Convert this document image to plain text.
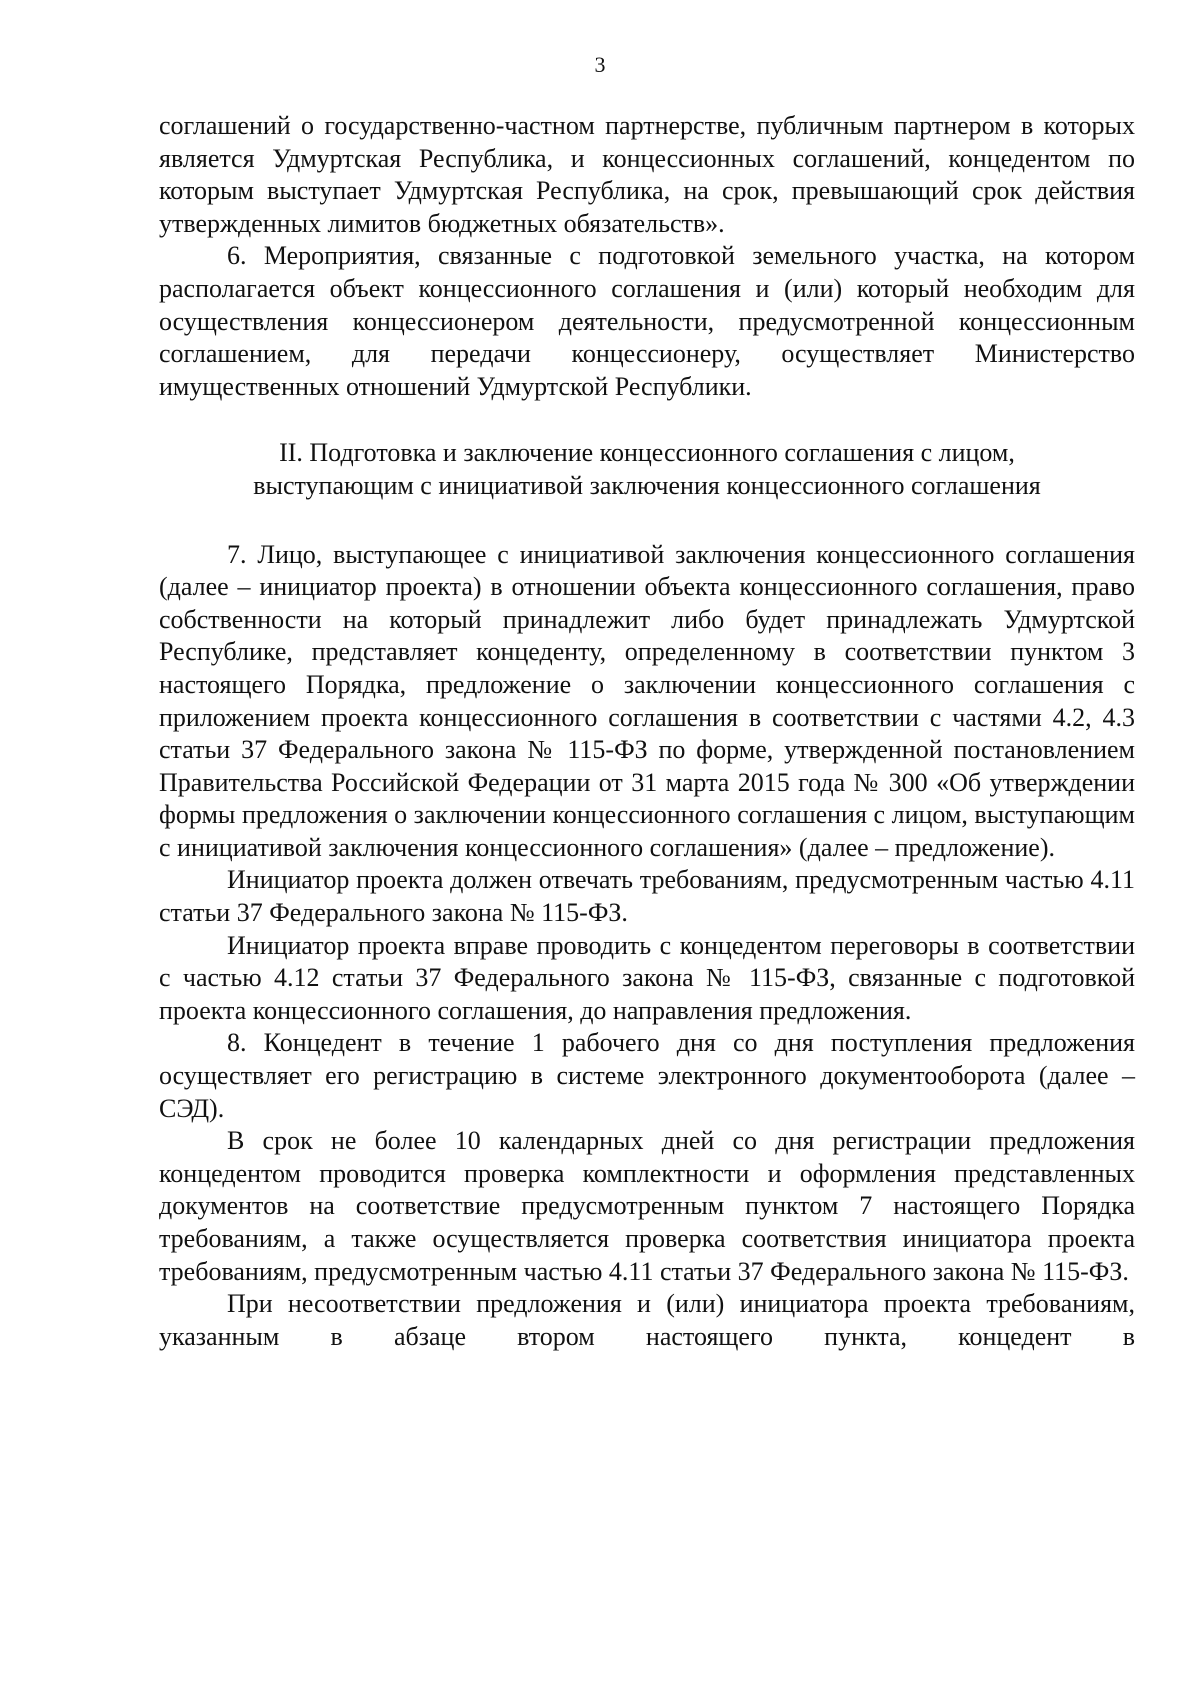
3

соглашений о государственно-частном партнерстве, публичным партнером в которых является Удмуртская Республика, и концессионных соглашений, концедентом по которым выступает Удмуртская Республика, на срок, превышающий срок действия утвержденных лимитов бюджетных обязательств».

6. Мероприятия, связанные с подготовкой земельного участка, на котором располагается объект концессионного соглашения и (или) который необходим для осуществления концессионером деятельности, предусмотренной концессионным соглашением, для передачи концессионеру, осуществляет Министерство имущественных отношений Удмуртской Республики.

II. Подготовка и заключение концессионного соглашения с лицом,
выступающим с инициативой заключения концессионного соглашения

7. Лицо, выступающее с инициативой заключения концессионного соглашения (далее – инициатор проекта) в отношении объекта концессионного соглашения, право собственности на который принадлежит либо будет принадлежать Удмуртской Республике, представляет концеденту, определенному в соответствии пунктом 3 настоящего Порядка, предложение о заключении концессионного соглашения с приложением проекта концессионного соглашения в соответствии с частями 4.2, 4.3 статьи 37 Федерального закона № 115-ФЗ по форме, утвержденной постановлением Правительства Российской Федерации от 31 марта 2015 года № 300 «Об утверждении формы предложения о заключении концессионного соглашения с лицом, выступающим с инициативой заключения концессионного соглашения» (далее – предложение).

Инициатор проекта должен отвечать требованиям, предусмотренным частью 4.11 статьи 37 Федерального закона № 115-ФЗ.

Инициатор проекта вправе проводить с концедентом переговоры в соответствии с частью 4.12 статьи 37 Федерального закона № 115-ФЗ, связанные с подготовкой проекта концессионного соглашения, до направления предложения.

8. Концедент в течение 1 рабочего дня со дня поступления предложения осуществляет его регистрацию в системе электронного документооборота (далее – СЭД).

В срок не более 10 календарных дней со дня регистрации предложения концедентом проводится проверка комплектности и оформления представленных документов на соответствие предусмотренным пунктом 7 настоящего Порядка требованиям, а также осуществляется проверка соответствия инициатора проекта требованиям, предусмотренным частью 4.11 статьи 37 Федерального закона № 115-ФЗ.

При несоответствии предложения и (или) инициатора проекта требованиям, указанным в абзаце втором настоящего пункта, концедент в
